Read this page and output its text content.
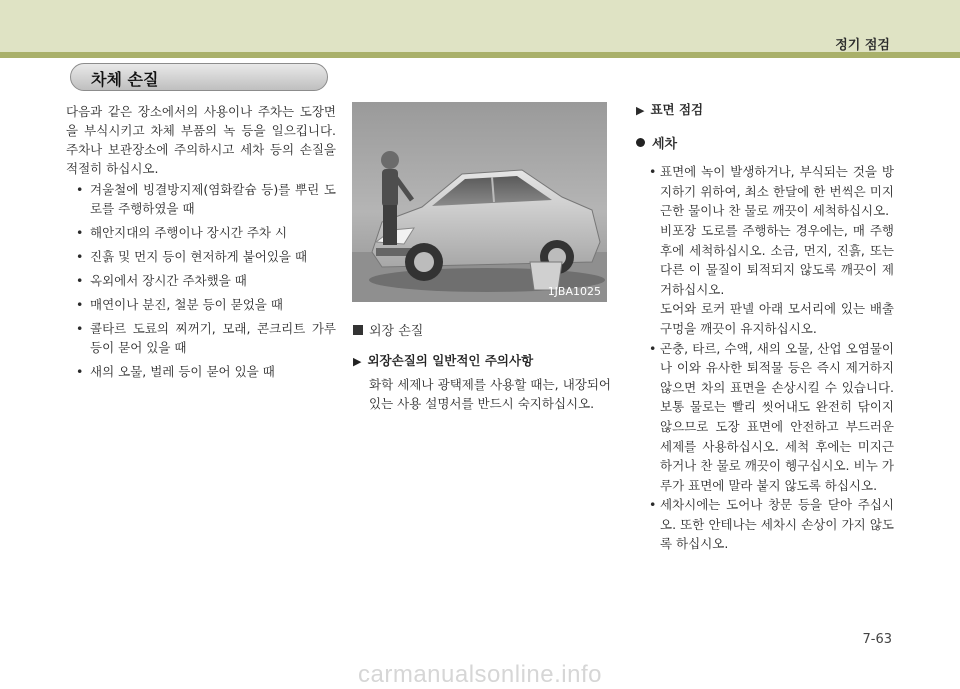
정기 점검
차체 손질

다음과 같은 장소에서의 사용이나 주차는 도장면을 부식시키고 차체 부품의 녹 등을 일으킵니다. 주차나 보관장소에 주의하시고 세차 등의 손질을 적절히 하십시오.

• 겨울철에 빙결방지제(염화칼슘 등)를 뿌린 도로를 주행하였을 때
• 해안지대의 주행이나 장시간 주차 시
• 진흙 및 먼지 등이 현저하게 붙어있을 때
• 옥외에서 장시간 주차했을 때
• 매연이나 분진, 철분 등이 묻었을 때
• 콜타르 도료의 찌꺼기, 모래, 콘크리트 가루 등이 묻어 있을 때
• 새의 오물, 벌레 등이 묻어 있을 때
1JBA1025
외장 손질
▶ 외장손질의 일반적인 주의사항
화학 세제나 광택제를 사용할 때는, 내장되어 있는 사용 설명서를 반드시 숙지하십시오.
▶ 표면 점검
세차

• 표면에 녹이 발생하거나, 부식되는 것을 방지하기 위하여, 최소 한달에 한 번씩은 미지근한 물이나 찬 물로 깨끗이 세척하십시오.

비포장 도로를 주행하는 경우에는, 매 주행 후에 세척하십시오. 소금, 먼지, 진흙, 또는 다른 이 물질이 퇴적되지 않도록 깨끗이 제거하십시오.

도어와 로커 판넬 아래 모서리에 있는 배출구멍을 깨끗이 유지하십시오.

• 곤충, 타르, 수액, 새의 오물, 산업 오염물이나 이와 유사한 퇴적물 등은 즉시 제거하지 않으면 차의 표면을 손상시킬 수 있습니다. 보통 물로는 빨리 씻어내도 완전히 닦이지 않으므로 도장 표면에 안전하고 부드러운 세제를 사용하십시오. 세척 후에는 미지근하거나 찬 물로 깨끗이 헹구십시오. 비누 가루가 표면에 말라 붙지 않도록 하십시오.
• 세차시에는 도어나 창문 등을 닫아 주십시오. 또한 안테나는 세차시 손상이 가지 않도록 하십시오.
7-63
carmanualsonline.info
